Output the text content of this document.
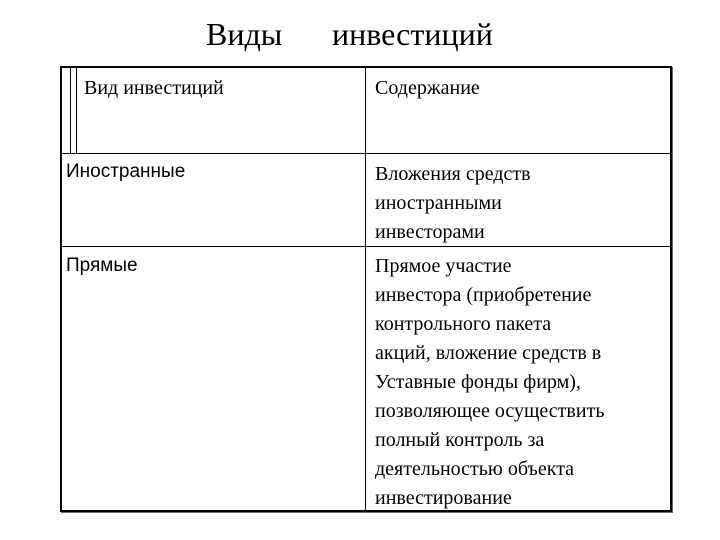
Виды инвестиций
Вид инвестиций	Содержание
Иностранные	Вложения средств
иностранными
инвесторами
Прямые	Прямое участие
инвестора (приобретение
контрольного пакета
акций, вложение средств в
Уставные фонды фирм),
позволяющее осуществить
полный контроль за
деятельностью объекта
инвестирование
